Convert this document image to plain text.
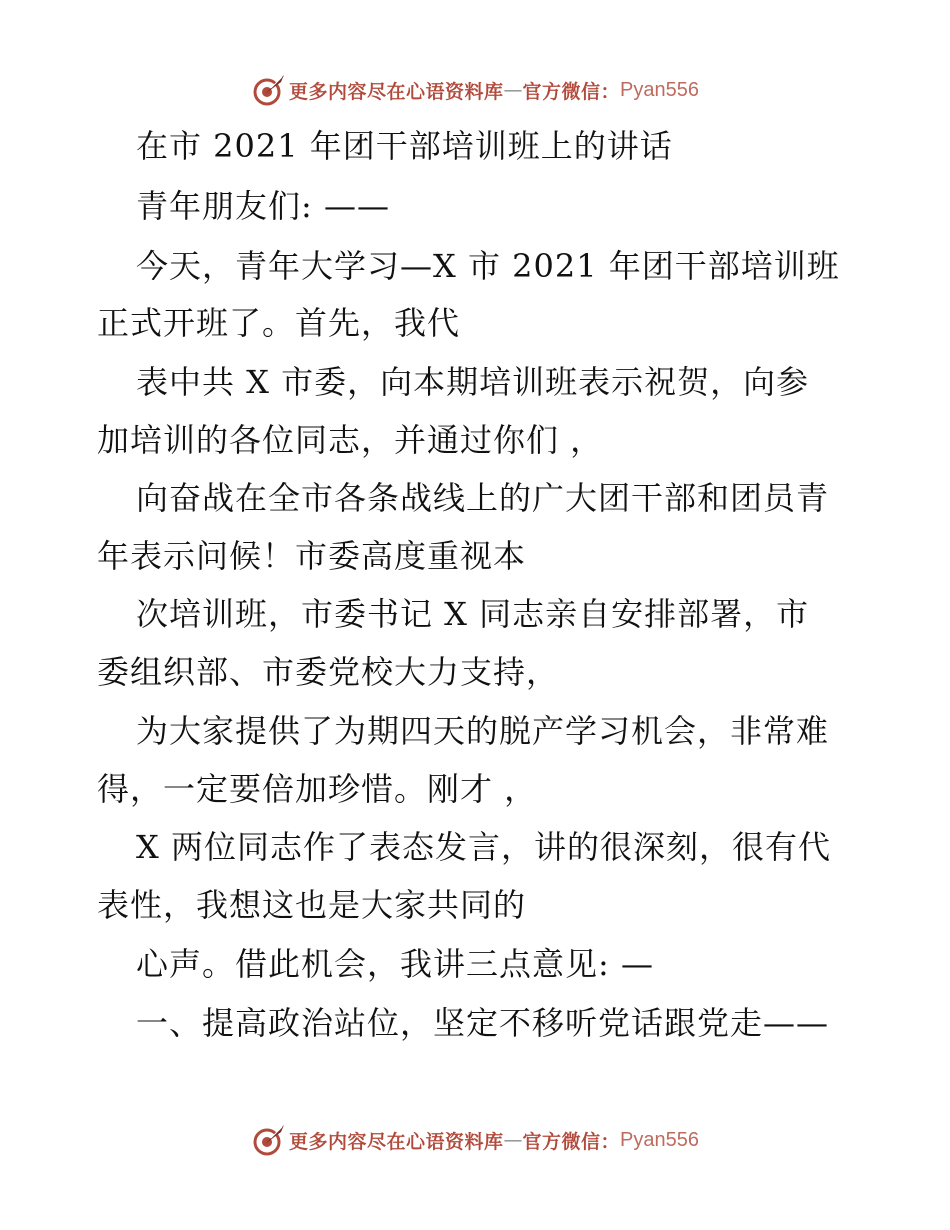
更多内容尽在心语资料库 — 官方微信： Pyan556
在市 2021 年团干部培训班上的讲话
青年朋友们: ——
今天，青年大学习—X 市 2021 年团干部培训班
正式开班了。首先，我代
表中共 X 市委，向本期培训班表示祝贺，向参
加培训的各位同志，并通过你们 ，
向奋战在全市各条战线上的广大团干部和团员青
年表示问候！市委高度重视本
次培训班，市委书记 X 同志亲自安排部署，市
委组织部、市委党校大力支持，
为大家提供了为期四天的脱产学习机会，非常难
得，一定要倍加珍惜。刚才 ，
X 两位同志作了表态发言，讲的很深刻，很有代
表性，我想这也是大家共同的
心声。借此机会，我讲三点意见: —
一、提高政治站位，坚定不移听党话跟党走——
更多内容尽在心语资料库 — 官方微信： Pyan556
